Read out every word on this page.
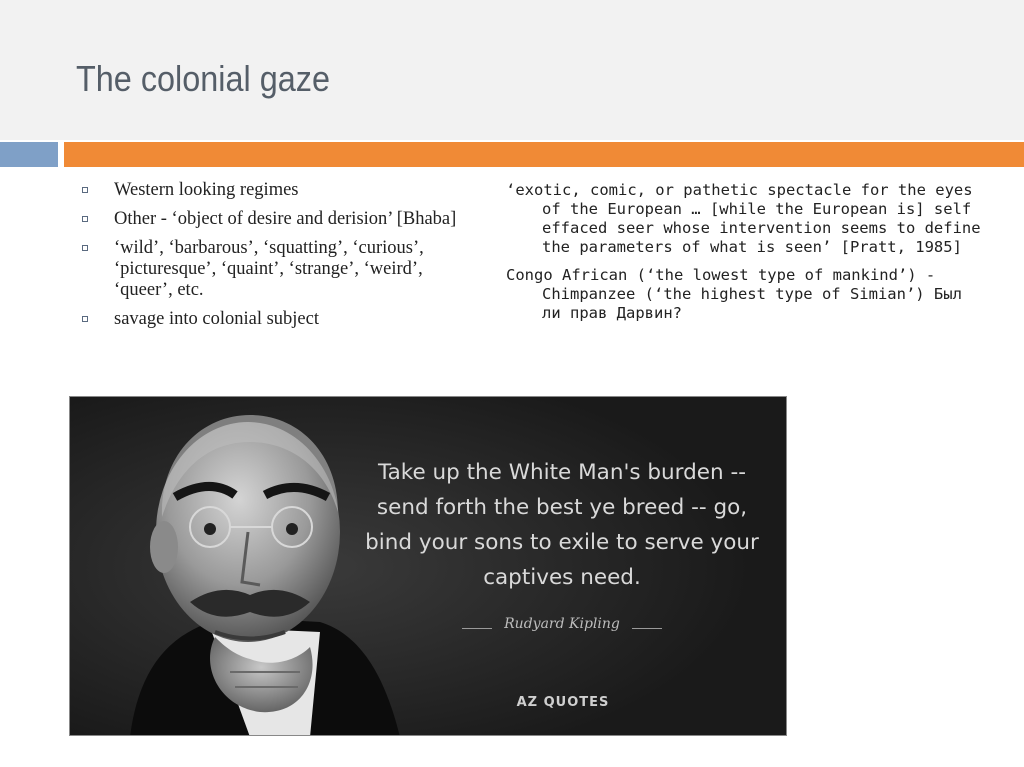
The colonial gaze
Western looking regimes
Other - ‘object of desire and derision’ [Bhaba]
‘wild’, ‘barbarous’, ‘squatting’, ‘curious’, ‘picturesque’, ‘quaint’, ‘strange’, ‘weird’, ‘queer’, etc.
savage into colonial subject

‘exotic, comic, or pathetic spectacle for the eyes of the European … [while the European is] self effaced seer whose intervention seems to define the parameters of what is seen’ [Pratt, 1985]

Congo African (‘the lowest type of mankind’) - Chimpanzee (‘the highest type of Simian’) Был ли прав Дарвин?

Take up the White Man's burden --
send forth the best ye breed -- go,
bind your sons to exile to serve your
captives need.
Rudyard Kipling
AZ QUOTES
